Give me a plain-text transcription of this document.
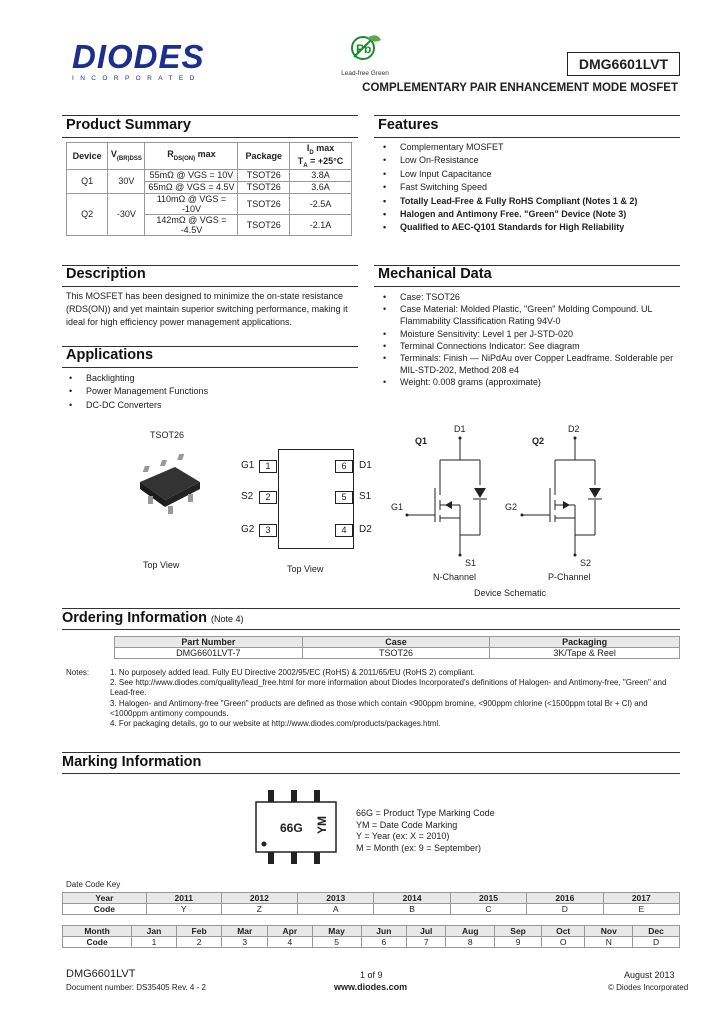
DIODES
INCORPORATED
Pb
Lead-free Green
DMG6601LVT
COMPLEMENTARY PAIR ENHANCEMENT MODE MOSFET
Product Summary
Device	$V_{(BR)DSS}$	$R_{DS(ON)}$ max	Package	$I_D$ max
$T_A = +25^\circ C$
Q1	30V	55mΩ @ VGS = 10V	TSOT26	3.8A
		65mΩ @ VGS = 4.5V	TSOT26	3.6A
Q2	-30V	110mΩ @ VGS = -10V	TSOT26	-2.5A
		142mΩ @ VGS = -4.5V	TSOT26	-2.1A
Features
• Complementary MOSFET
• Low On-Resistance
• Low Input Capacitance
• Fast Switching Speed
• Totally Lead-Free & Fully RoHS Compliant (Notes 1 & 2)
• Halogen and Antimony Free. "Green" Device (Note 3)
• Qualified to AEC-Q101 Standards for High Reliability
Description
This MOSFET has been designed to minimize the on-state resistance (RDS(ON)) and yet maintain superior switching performance, making it ideal for high efficiency power management applications.
Mechanical Data
• Case: TSOT26
• Case Material: Molded Plastic, "Green" Molding Compound. UL Flammability Classification Rating 94V-0
• Moisture Sensitivity: Level 1 per J-STD-020
• Terminal Connections Indicator: See diagram
• Terminals: Finish — NiPdAu over Copper Leadframe. Solderable per MIL-STD-202, Method 208 e4
• Weight: 0.008 grams (approximate)
Applications
• Backlighting
• Power Management Functions
• DC-DC Converters
TSOT26
Top View
G1
S2
G2
1
2
3
6
5
4
D1
S1
D2
Top View
Q1
D1
G1
S1
N-Channel
Q2
D2
G2
S2
P-Channel
Device Schematic
Ordering Information (Note 4)
Part Number	Case	Packaging
DMG6601LVT-7	TSOT26	3K/Tape & Reel
Notes:	1. No purposely added lead. Fully EU Directive 2002/95/EC (RoHS) & 2011/65/EU (RoHS 2) compliant.
2. See http://www.diodes.com/quality/lead_free.html for more information about Diodes Incorporated's definitions of Halogen- and Antimony-free, "Green" and Lead-free.
3. Halogen- and Antimony-free "Green" products are defined as those which contain <900ppm bromine, <900ppm chlorine (<1500ppm total Br + Cl) and <1000ppm antimony compounds.
4. For packaging details, go to our website at http://www.diodes.com/products/packages.html.
Marking Information
66G YM
66G = Product Type Marking Code
YM = Date Code Marking
Y = Year (ex: X = 2010)
M = Month (ex: 9 = September)
Date Code Key
Year	2011	2012	2013	2014	2015	2016	2017
Code	Y	Z	A	B	C	D	E
Month	Jan	Feb	Mar	Apr	May	Jun	Jul	Aug	Sep	Oct	Nov	Dec
Code	1	2	3	4	5	6	7	8	9	O	N	D
DMG6601LVT
Document number: DS35405 Rev. 4 - 2
1 of 9
www.diodes.com
August 2013
© Diodes Incorporated
